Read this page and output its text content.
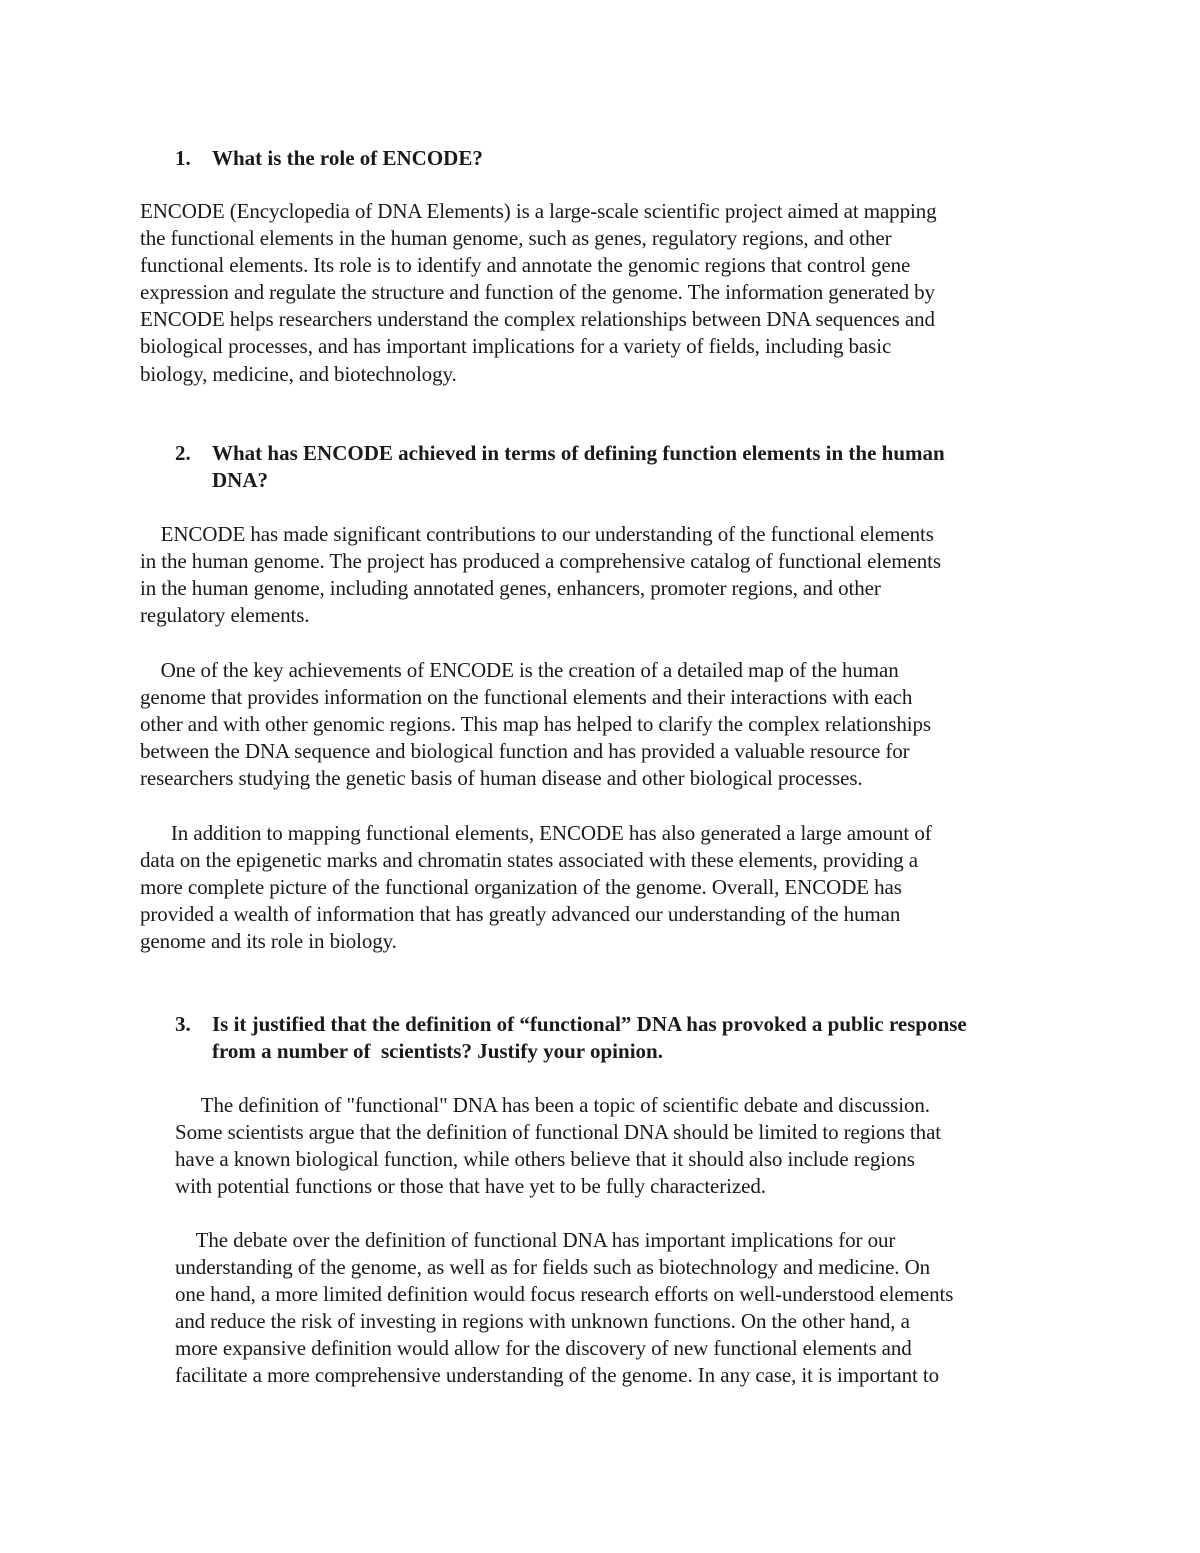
1. What is the role of ENCODE?
ENCODE (Encyclopedia of DNA Elements) is a large-scale scientific project aimed at mapping
the functional elements in the human genome, such as genes, regulatory regions, and other
functional elements. Its role is to identify and annotate the genomic regions that control gene
expression and regulate the structure and function of the genome. The information generated by
ENCODE helps researchers understand the complex relationships between DNA sequences and
biological processes, and has important implications for a variety of fields, including basic
biology, medicine, and biotechnology.
2. What has ENCODE achieved in terms of defining function elements in the human
DNA?
ENCODE has made significant contributions to our understanding of the functional elements
in the human genome. The project has produced a comprehensive catalog of functional elements
in the human genome, including annotated genes, enhancers, promoter regions, and other
regulatory elements.
One of the key achievements of ENCODE is the creation of a detailed map of the human
genome that provides information on the functional elements and their interactions with each
other and with other genomic regions. This map has helped to clarify the complex relationships
between the DNA sequence and biological function and has provided a valuable resource for
researchers studying the genetic basis of human disease and other biological processes.
In addition to mapping functional elements, ENCODE has also generated a large amount of
data on the epigenetic marks and chromatin states associated with these elements, providing a
more complete picture of the functional organization of the genome. Overall, ENCODE has
provided a wealth of information that has greatly advanced our understanding of the human
genome and its role in biology.
3. Is it justified that the definition of “functional” DNA has provoked a public response
from a number of  scientists? Justify your opinion.
The definition of "functional" DNA has been a topic of scientific debate and discussion.
Some scientists argue that the definition of functional DNA should be limited to regions that
have a known biological function, while others believe that it should also include regions
with potential functions or those that have yet to be fully characterized.
The debate over the definition of functional DNA has important implications for our
understanding of the genome, as well as for fields such as biotechnology and medicine. On
one hand, a more limited definition would focus research efforts on well-understood elements
and reduce the risk of investing in regions with unknown functions. On the other hand, a
more expansive definition would allow for the discovery of new functional elements and
facilitate a more comprehensive understanding of the genome. In any case, it is important to
